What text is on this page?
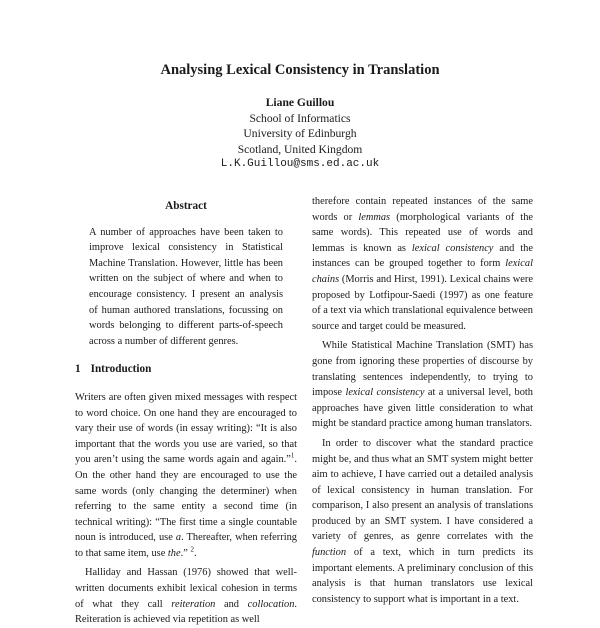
Analysing Lexical Consistency in Translation
Liane Guillou
School of Informatics
University of Edinburgh
Scotland, United Kingdom
L.K.Guillou@sms.ed.ac.uk
Abstract
A number of approaches have been taken to improve lexical consistency in Statistical Machine Translation. However, little has been written on the subject of where and when to encourage consistency. I present an analysis of human authored translations, focussing on words belonging to different parts-of-speech across a number of different genres.
1 Introduction

Writers are often given mixed messages with respect to word choice. On one hand they are encouraged to vary their use of words (in essay writing): “It is also important that the words you use are varied, so that you aren’t using the same words again and again.”$^1$. On the other hand they are encouraged to use the same words (only changing the determiner) when referring to the same entity a second time (in technical writing): “The first time a single countable noun is introduced, use a. Thereafter, when referring to that same item, use the.” $^2$.

Halliday and Hassan (1976) showed that well-written documents exhibit lexical cohesion in terms of what they call reiteration and collocation. Reiteration is achieved via repetition as well

therefore contain repeated instances of the same words or lemmas (morphological variants of the same words). This repeated use of words and lemmas is known as lexical consistency and the instances can be grouped together to form lexical chains (Morris and Hirst, 1991). Lexical chains were proposed by Lotfipour-Saedi (1997) as one feature of a text via which translational equivalence between source and target could be measured.

While Statistical Machine Translation (SMT) has gone from ignoring these properties of discourse by translating sentences independently, to trying to impose lexical consistency at a universal level, both approaches have given little consideration to what might be standard practice among human translators.

In order to discover what the standard practice might be, and thus what an SMT system might better aim to achieve, I have carried out a detailed analysis of lexical consistency in human translation. For comparison, I also present an analysis of translations produced by an SMT system. I have considered a variety of genres, as genre correlates with the function of a text, which in turn predicts its important elements. A preliminary conclusion of this analysis is that human translators use lexical consistency to support what is important in a text.
